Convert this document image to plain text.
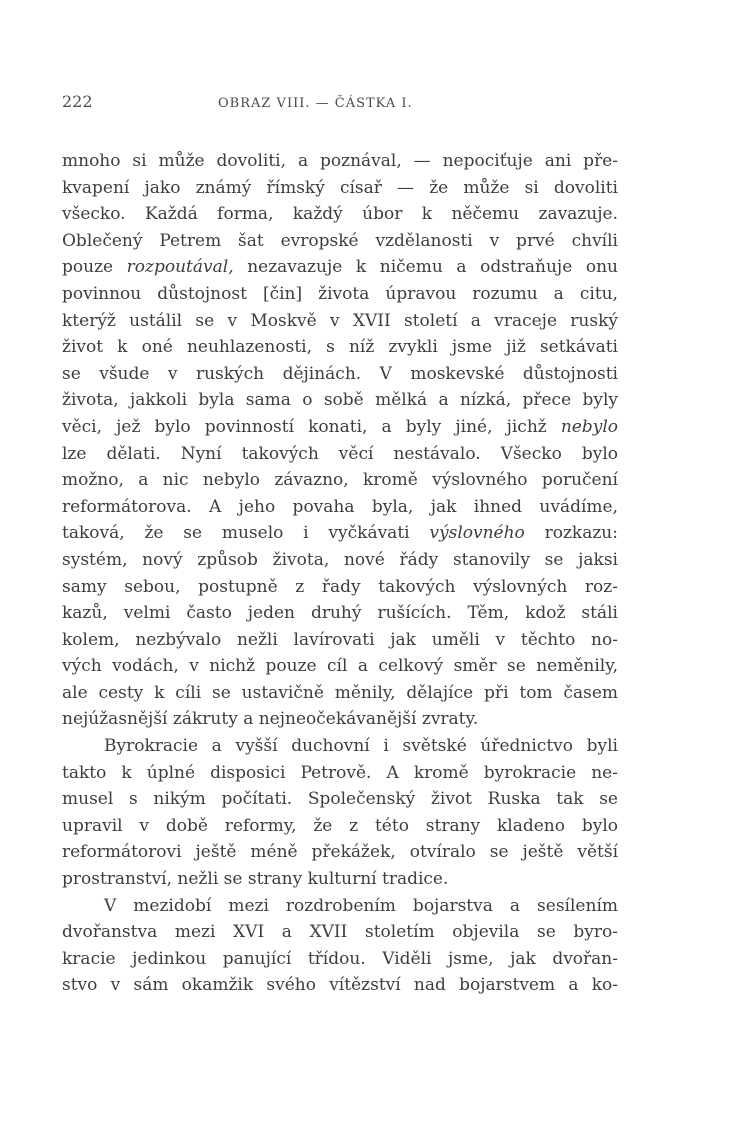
222	OBRAZ VIII. — ČÁSTKA I.
mnoho si může dovoliti, a poznával, — nepociťuje ani pře-
kvapení jako známý římský císař — že může si dovoliti
všecko. Každá forma, každý úbor k něčemu zavazuje.
Oblečený Petrem šat evropské vzdělanosti v prvé chvíli
pouze rozpoutával, nezavazuje k ničemu a odstraňuje onu
povinnou důstojnost [čin] života úpravou rozumu a citu,
kterýž ustálil se v Moskvě v XVII století a vraceje ruský
život k oné neuhlazenosti, s níž zvykli jsme již setkávati
se všude v ruských dějinách. V moskevské důstojnosti
života, jakkoli byla sama o sobě mělká a nízká, přece byly
věci, jež bylo povinností konati, a byly jiné, jichž nebylo
lze dělati. Nyní takových věcí nestávalo. Všecko bylo
možno, a nic nebylo závazno, kromě výslovného poručení
reformátorova. A jeho povaha byla, jak ihned uvádíme,
taková, že se muselo i vyčkávati výslovného rozkazu:
systém, nový způsob života, nové řády stanovily se jaksi
samy sebou, postupně z řady takových výslovných roz-
kazů, velmi často jeden druhý rušících. Těm, kdož stáli
kolem, nezbývalo nežli lavírovati jak uměli v těchto no-
vých vodách, v nichž pouze cíl a celkový směr se neměnily,
ale cesty k cíli se ustavičně měnily, dělajíce při tom časem
nejúžasnější zákruty a nejneočekávanější zvraty.
Byrokracie a vyšší duchovní i světské úřednictvo byli
takto k úplné disposici Petrově. A kromě byrokracie ne-
musel s nikým počítati. Společenský život Ruska tak se
upravil v době reformy, že z této strany kladeno bylo
reformátorovi ještě méně překážek, otvíralo se ještě větší
prostranství, nežli se strany kulturní tradice.
V mezidobí mezi rozdrobením bojarstva a sesílením
dvořanstva mezi XVI a XVII stoletím objevila se byro-
kracie jedinkou panující třídou. Viděli jsme, jak dvořan-
stvo v sám okamžik svého vítězství nad bojarstvem a ko-
